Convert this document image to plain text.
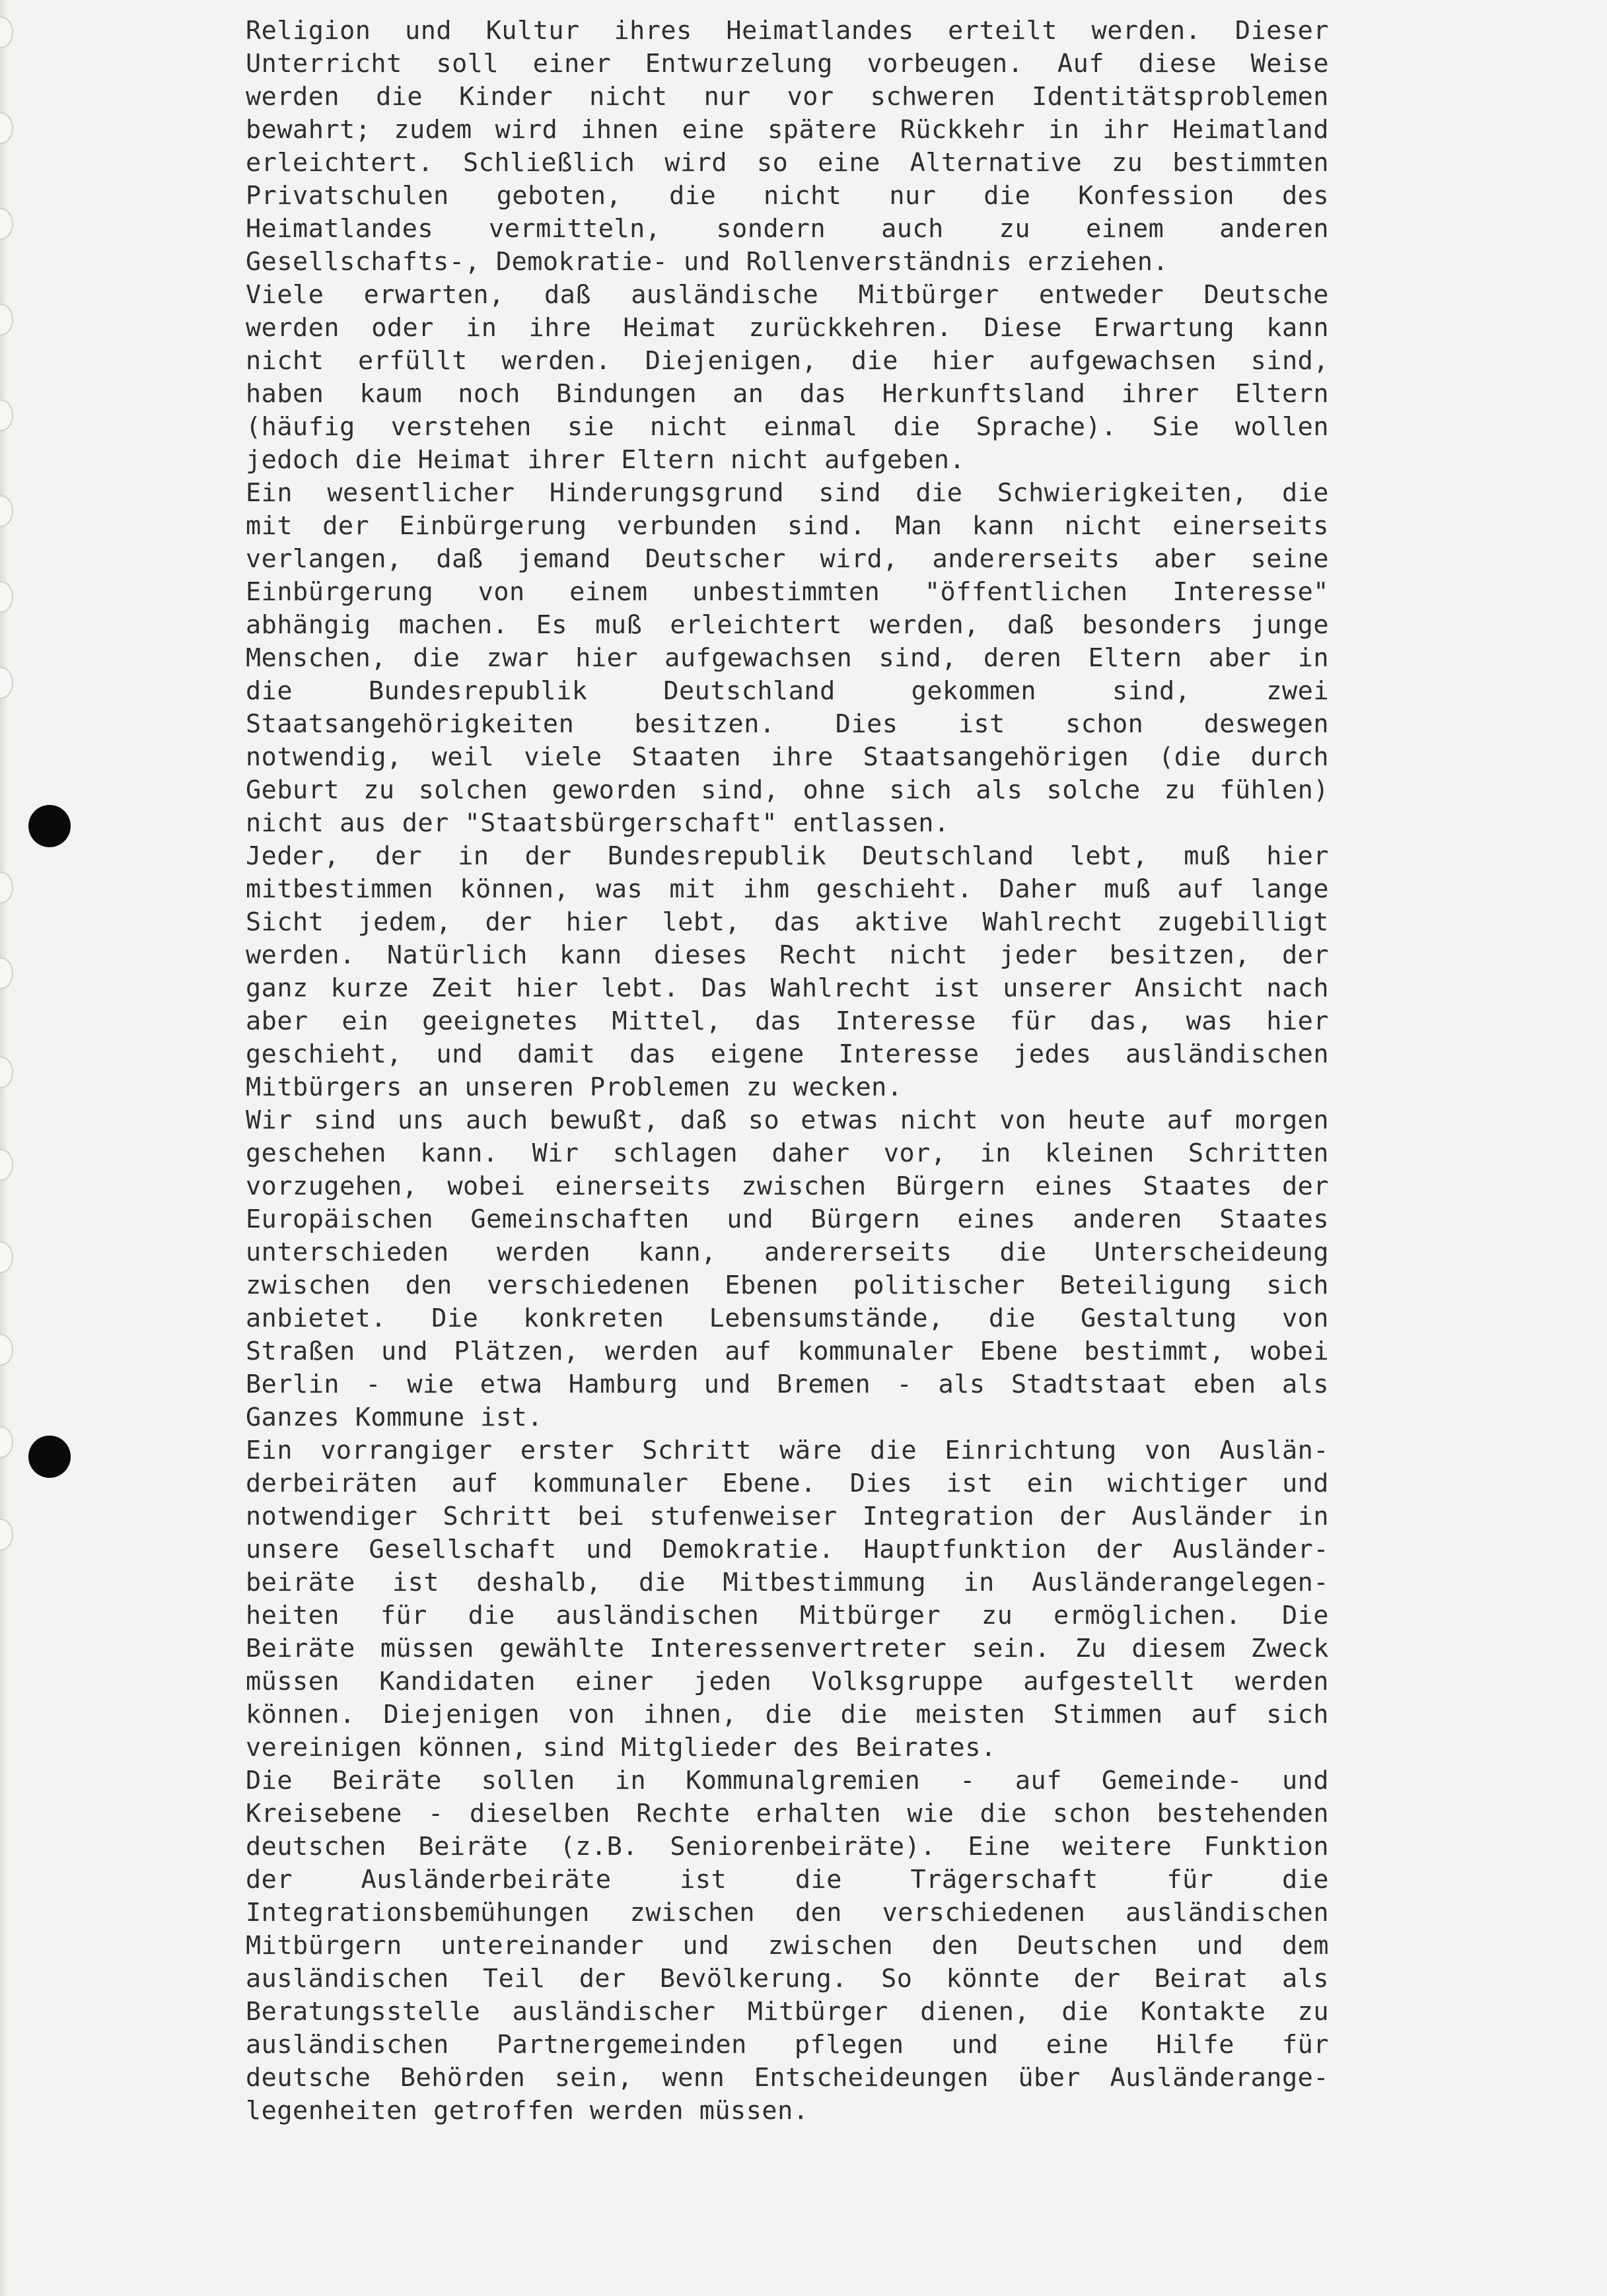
Religion und Kultur ihres Heimatlandes erteilt werden. Dieser
Unterricht soll einer Entwurzelung vorbeugen. Auf diese Weise
werden die Kinder nicht nur vor schweren Identitätsproblemen
bewahrt; zudem wird ihnen eine spätere Rückkehr in ihr Heimatland
erleichtert. Schließlich wird so eine Alternative zu bestimmten
Privatschulen geboten, die nicht nur die Konfession des
Heimatlandes vermitteln, sondern auch zu einem anderen
Gesellschafts-, Demokratie- und Rollenverständnis erziehen.

Viele erwarten, daß ausländische Mitbürger entweder Deutsche
werden oder in ihre Heimat zurückkehren. Diese Erwartung kann
nicht erfüllt werden. Diejenigen, die hier aufgewachsen sind,
haben kaum noch Bindungen an das Herkunftsland ihrer Eltern
(häufig verstehen sie nicht einmal die Sprache). Sie wollen
jedoch die Heimat ihrer Eltern nicht aufgeben.

Ein wesentlicher Hinderungsgrund sind die Schwierigkeiten, die
mit der Einbürgerung verbunden sind. Man kann nicht einerseits
verlangen, daß jemand Deutscher wird, andererseits aber seine
Einbürgerung von einem unbestimmten "öffentlichen Interesse"
abhängig machen. Es muß erleichtert werden, daß besonders junge
Menschen, die zwar hier aufgewachsen sind, deren Eltern aber in
die Bundesrepublik Deutschland gekommen sind, zwei
Staatsangehörigkeiten besitzen. Dies ist schon deswegen
notwendig, weil viele Staaten ihre Staatsangehörigen (die durch
Geburt zu solchen geworden sind, ohne sich als solche zu fühlen)
nicht aus der "Staatsbürgerschaft" entlassen.

Jeder, der in der Bundesrepublik Deutschland lebt, muß hier
mitbestimmen können, was mit ihm geschieht. Daher muß auf lange
Sicht jedem, der hier lebt, das aktive Wahlrecht zugebilligt
werden. Natürlich kann dieses Recht nicht jeder besitzen, der
ganz kurze Zeit hier lebt. Das Wahlrecht ist unserer Ansicht nach
aber ein geeignetes Mittel, das Interesse für das, was hier
geschieht, und damit das eigene Interesse jedes ausländischen
Mitbürgers an unseren Problemen zu wecken.

Wir sind uns auch bewußt, daß so etwas nicht von heute auf morgen
geschehen kann. Wir schlagen daher vor, in kleinen Schritten
vorzugehen, wobei einerseits zwischen Bürgern eines Staates der
Europäischen Gemeinschaften und Bürgern eines anderen Staates
unterschieden werden kann, andererseits die Unterscheideung
zwischen den verschiedenen Ebenen politischer Beteiligung sich
anbietet. Die konkreten Lebensumstände, die Gestaltung von
Straßen und Plätzen, werden auf kommunaler Ebene bestimmt, wobei
Berlin - wie etwa Hamburg und Bremen - als Stadtstaat eben als
Ganzes Kommune ist.

Ein vorrangiger erster Schritt wäre die Einrichtung von Auslän-
derbeiräten auf kommunaler Ebene. Dies ist ein wichtiger und
notwendiger Schritt bei stufenweiser Integration der Ausländer in
unsere Gesellschaft und Demokratie. Hauptfunktion der Ausländer-
beiräte ist deshalb, die Mitbestimmung in Ausländerangelegen-
heiten für die ausländischen Mitbürger zu ermöglichen. Die
Beiräte müssen gewählte Interessenvertreter sein. Zu diesem Zweck
müssen Kandidaten einer jeden Volksgruppe aufgestellt werden
können. Diejenigen von ihnen, die die meisten Stimmen auf sich
vereinigen können, sind Mitglieder des Beirates.

Die Beiräte sollen in Kommunalgremien - auf Gemeinde- und
Kreisebene - dieselben Rechte erhalten wie die schon bestehenden
deutschen Beiräte (z.B. Seniorenbeiräte). Eine weitere Funktion
der Ausländerbeiräte ist die Trägerschaft für die
Integrationsbemühungen zwischen den verschiedenen ausländischen
Mitbürgern untereinander und zwischen den Deutschen und dem
ausländischen Teil der Bevölkerung. So könnte der Beirat als
Beratungsstelle ausländischer Mitbürger dienen, die Kontakte zu
ausländischen Partnergemeinden pflegen und eine Hilfe für
deutsche Behörden sein, wenn Entscheideungen über Ausländerange-
legenheiten getroffen werden müssen.
